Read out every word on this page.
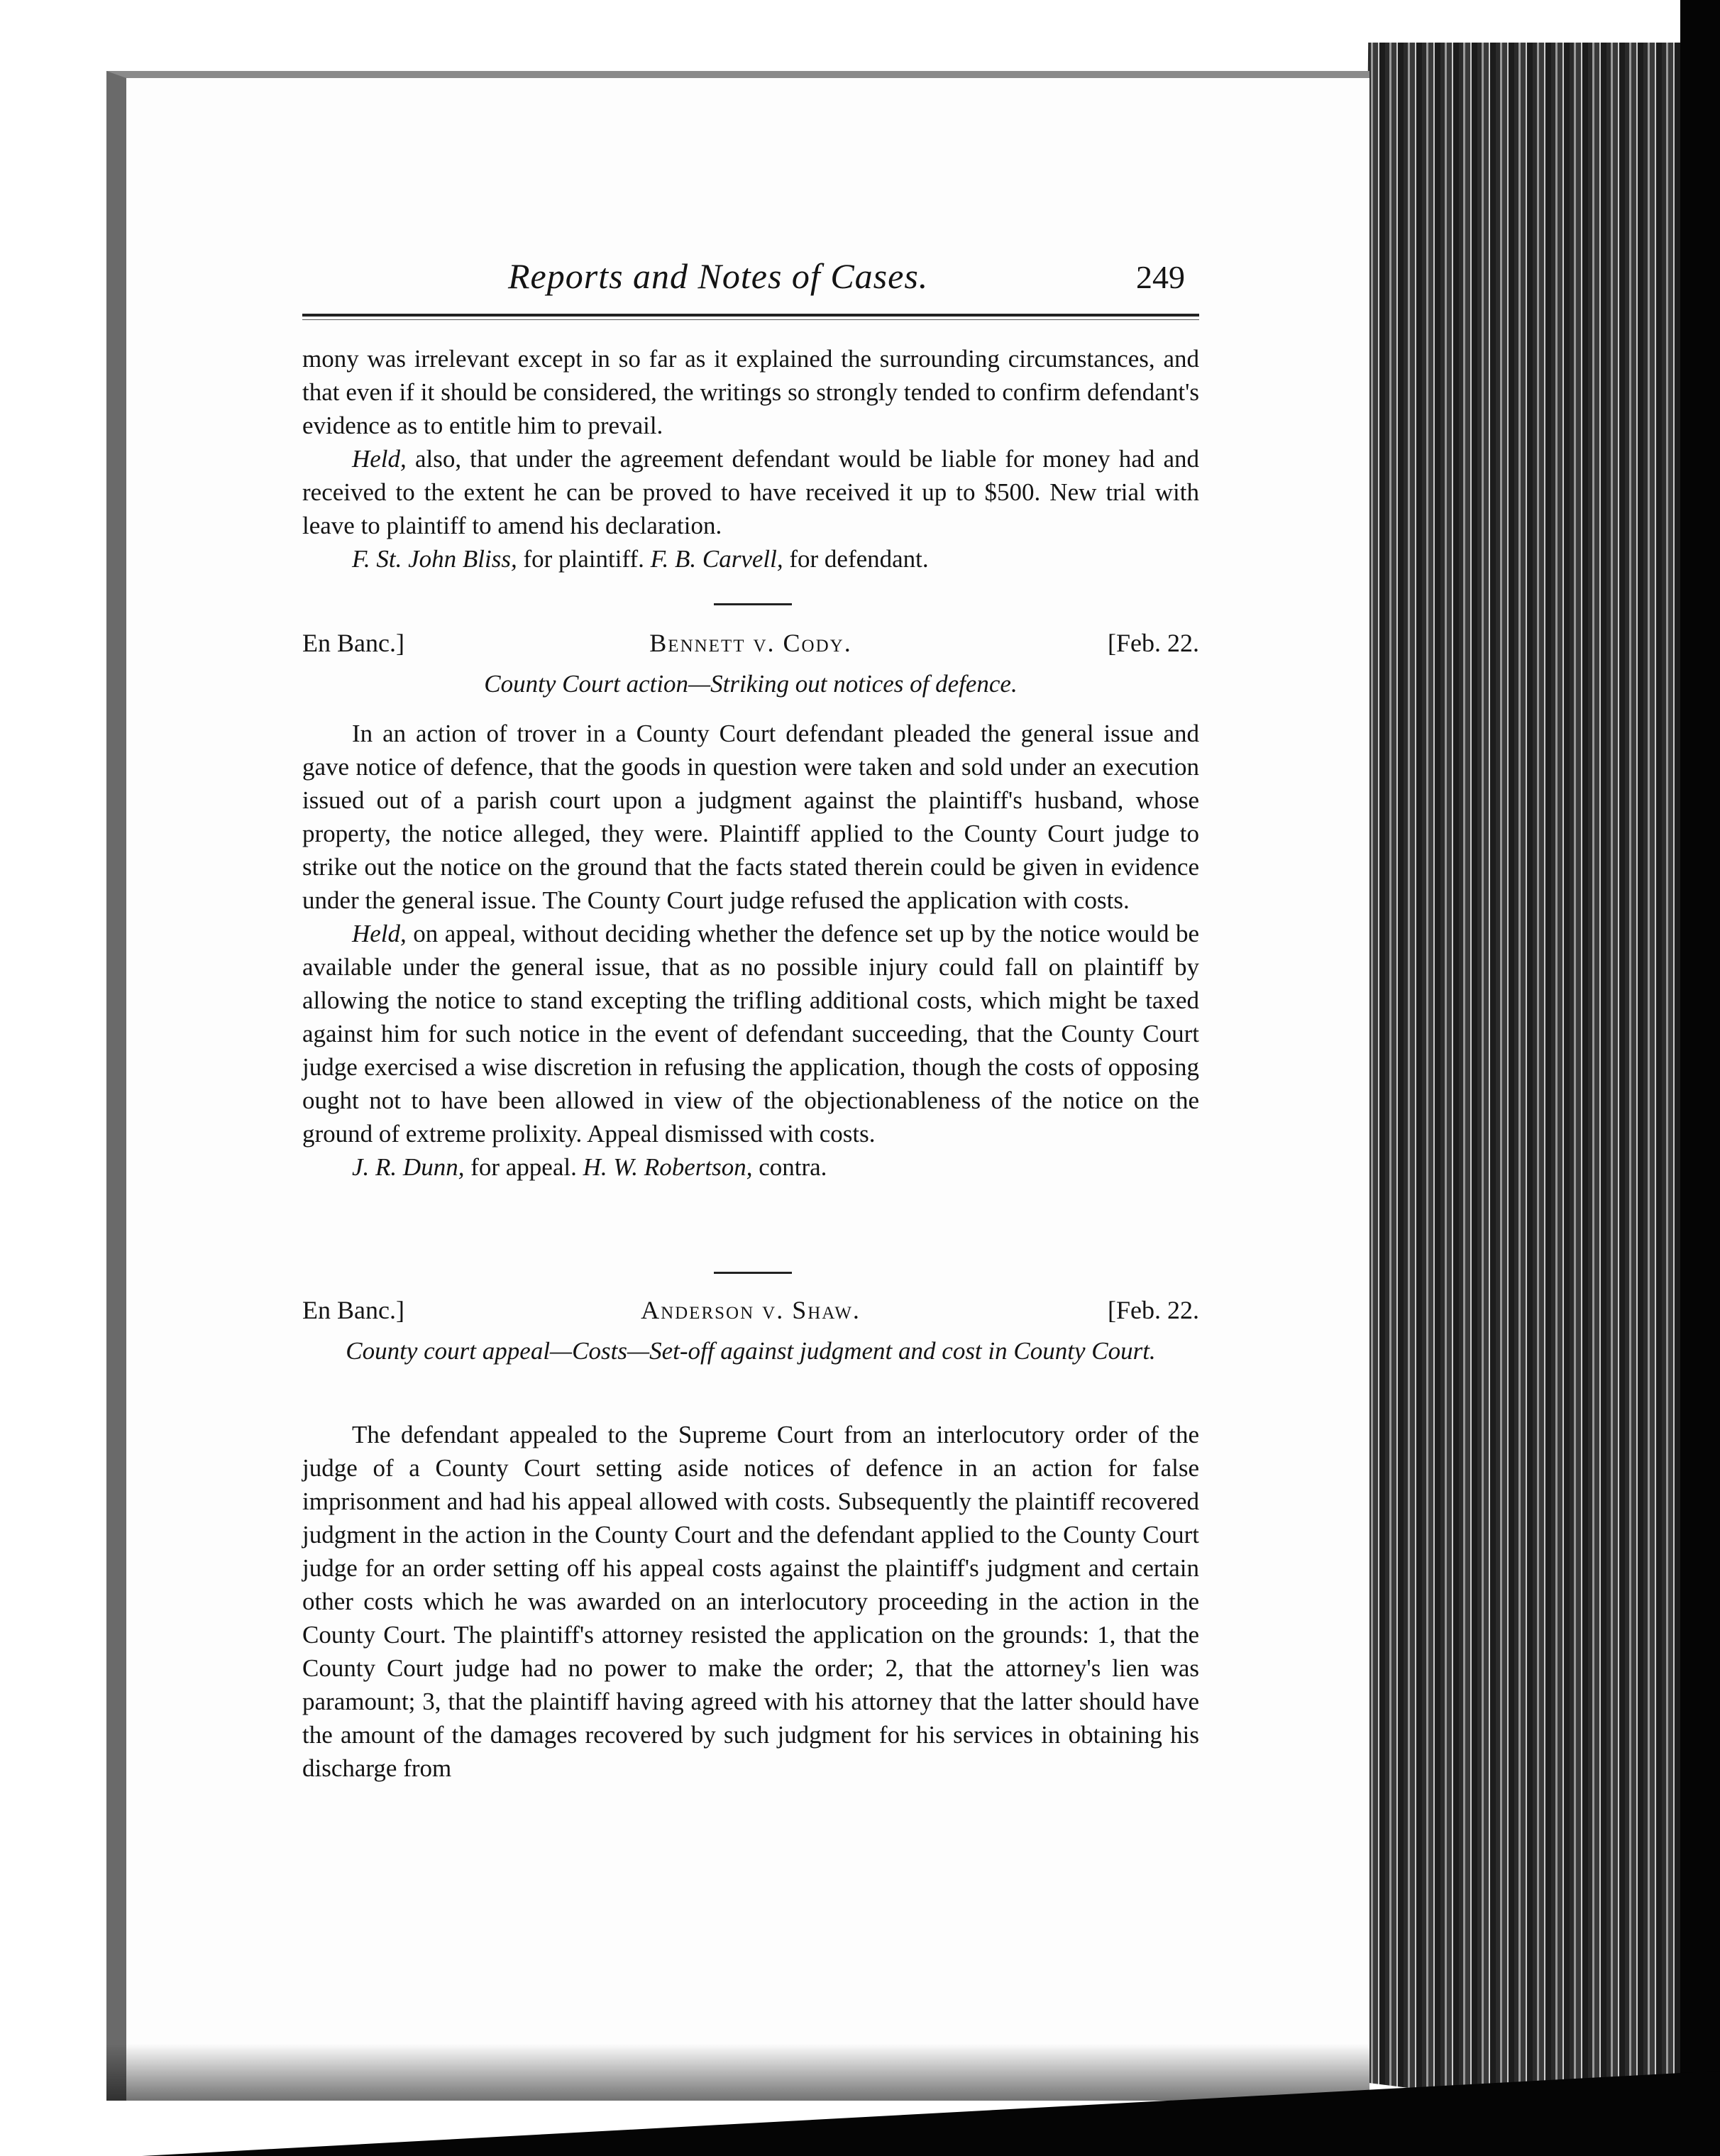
Reports and Notes of Cases.	249

mony was irrelevant except in so far as it explained the surrounding circumstances, and that even if it should be considered, the writings so strongly tended to confirm defendant's evidence as to entitle him to prevail.

Held, also, that under the agreement defendant would be liable for money had and received to the extent he can be proved to have received it up to $500. New trial with leave to plaintiff to amend his declaration.

F. St. John Bliss, for plaintiff. F. B. Carvell, for defendant.

En Banc.]	Bennett v. Cody.	[Feb. 22.
County Court action—Striking out notices of defence.

In an action of trover in a County Court defendant pleaded the general issue and gave notice of defence, that the goods in question were taken and sold under an execution issued out of a parish court upon a judgment against the plaintiff's husband, whose property, the notice alleged, they were. Plaintiff applied to the County Court judge to strike out the notice on the ground that the facts stated therein could be given in evidence under the general issue. The County Court judge refused the application with costs.

Held, on appeal, without deciding whether the defence set up by the notice would be available under the general issue, that as no possible injury could fall on plaintiff by allowing the notice to stand excepting the trifling additional costs, which might be taxed against him for such notice in the event of defendant succeeding, that the County Court judge exercised a wise discretion in refusing the application, though the costs of opposing ought not to have been allowed in view of the objectionableness of the notice on the ground of extreme prolixity. Appeal dismissed with costs.

J. R. Dunn, for appeal. H. W. Robertson, contra.

En Banc.]	Anderson v. Shaw.	[Feb. 22.
County court appeal—Costs—Set-off against judgment and cost in County Court.

The defendant appealed to the Supreme Court from an interlocutory order of the judge of a County Court setting aside notices of defence in an action for false imprisonment and had his appeal allowed with costs. Subsequently the plaintiff recovered judgment in the action in the County Court and the defendant applied to the County Court judge for an order setting off his appeal costs against the plaintiff's judgment and certain other costs which he was awarded on an interlocutory proceeding in the action in the County Court. The plaintiff's attorney resisted the application on the grounds: 1, that the County Court judge had no power to make the order; 2, that the attorney's lien was paramount; 3, that the plaintiff having agreed with his attorney that the latter should have the amount of the damages recovered by such judgment for his services in obtaining his discharge from
